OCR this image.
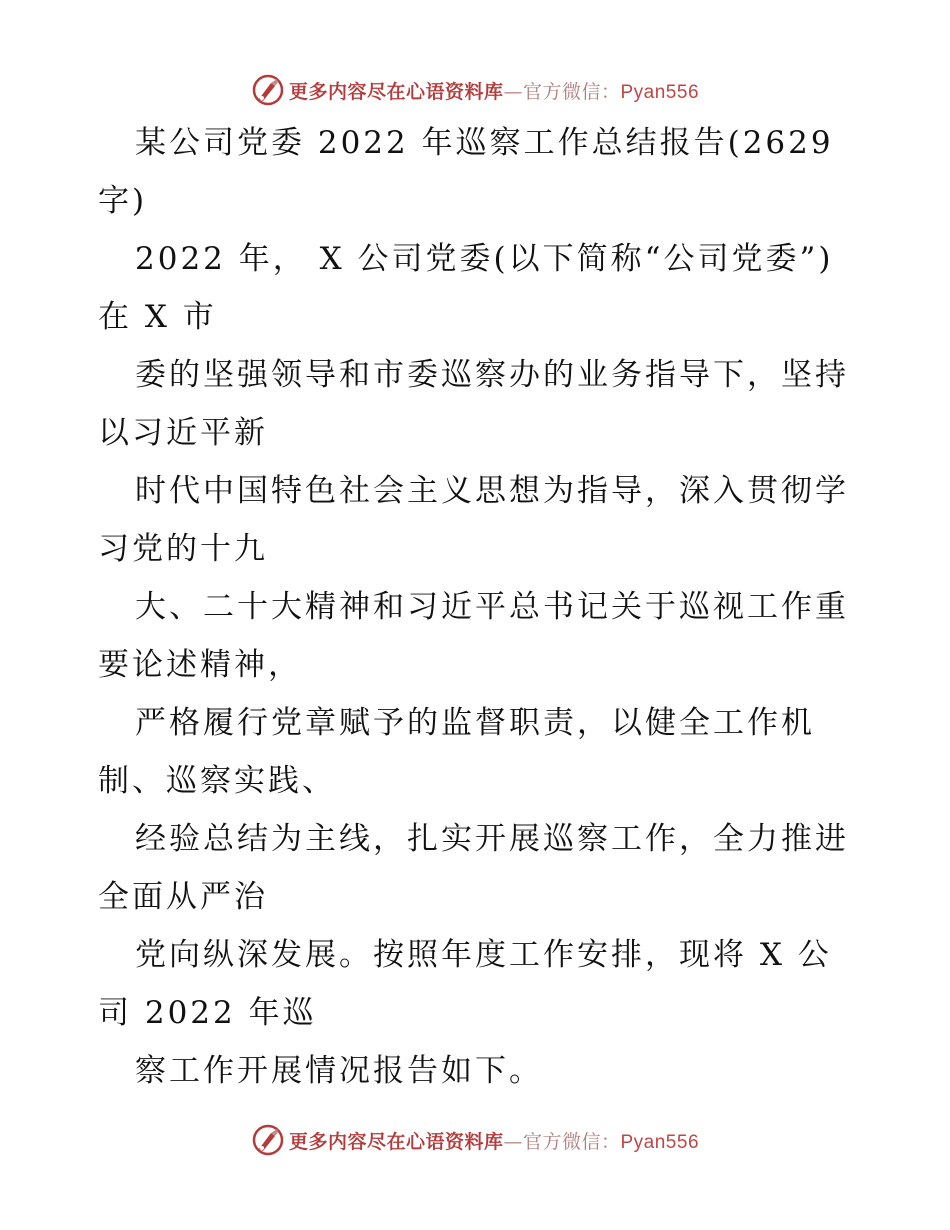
更多内容尽在心语资料库—官方微信：Pyan556
某公司党委 2022 年巡察工作总结报告(2629
字)
2022 年， X 公司党委(以下简称“公司党委”)
在 X 市
委的坚强领导和市委巡察办的业务指导下，坚持
以习近平新
时代中国特色社会主义思想为指导，深入贯彻学
习党的十九
大、二十大精神和习近平总书记关于巡视工作重
要论述精神，
严格履行党章赋予的监督职责，以健全工作机
制、巡察实践、
经验总结为主线，扎实开展巡察工作，全力推进
全面从严治
党向纵深发展。按照年度工作安排，现将 X 公
司 2022 年巡
察工作开展情况报告如下。
更多内容尽在心语资料库—官方微信：Pyan556
